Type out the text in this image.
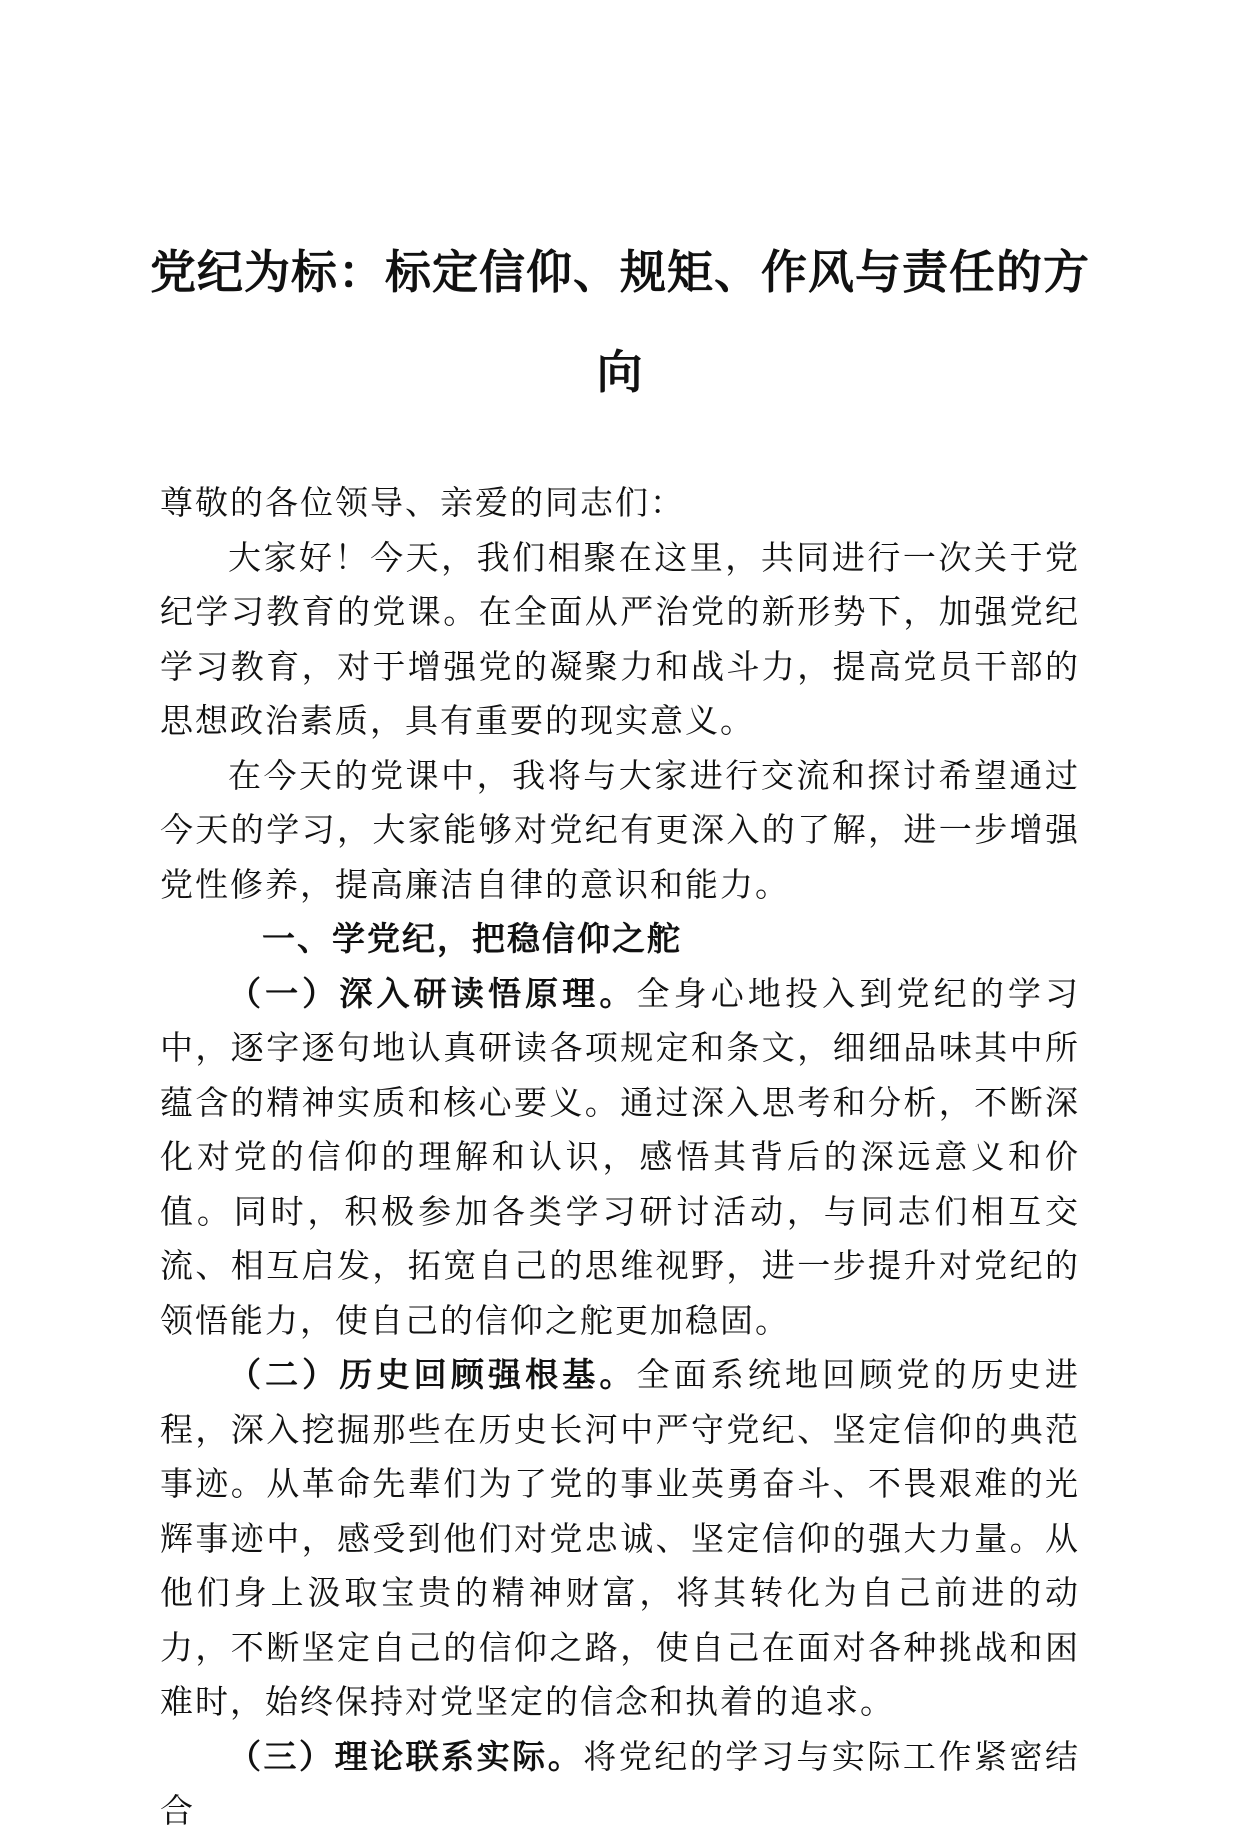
党纪为标：标定信仰、规矩、作风与责任的方向

尊敬的各位领导、亲爱的同志们：

大家好！今天，我们相聚在这里，共同进行一次关于党纪学习教育的党课。在全面从严治党的新形势下，加强党纪学习教育，对于增强党的凝聚力和战斗力，提高党员干部的思想政治素质，具有重要的现实意义。

在今天的党课中，我将与大家进行交流和探讨希望通过今天的学习，大家能够对党纪有更深入的了解，进一步增强党性修养，提高廉洁自律的意识和能力。

一、学党纪，把稳信仰之舵

（一）深入研读悟原理。全身心地投入到党纪的学习中，逐字逐句地认真研读各项规定和条文，细细品味其中所蕴含的精神实质和核心要义。通过深入思考和分析，不断深化对党的信仰的理解和认识，感悟其背后的深远意义和价值。同时，积极参加各类学习研讨活动，与同志们相互交流、相互启发，拓宽自己的思维视野，进一步提升对党纪的领悟能力，使自己的信仰之舵更加稳固。

（二）历史回顾强根基。全面系统地回顾党的历史进程，深入挖掘那些在历史长河中严守党纪、坚定信仰的典范事迹。从革命先辈们为了党的事业英勇奋斗、不畏艰难的光辉事迹中，感受到他们对党忠诚、坚定信仰的强大力量。从他们身上汲取宝贵的精神财富，将其转化为自己前进的动力，不断坚定自己的信仰之路，使自己在面对各种挑战和困难时，始终保持对党坚定的信念和执着的追求。

（三）理论联系实际。将党纪的学习与实际工作紧密结合
